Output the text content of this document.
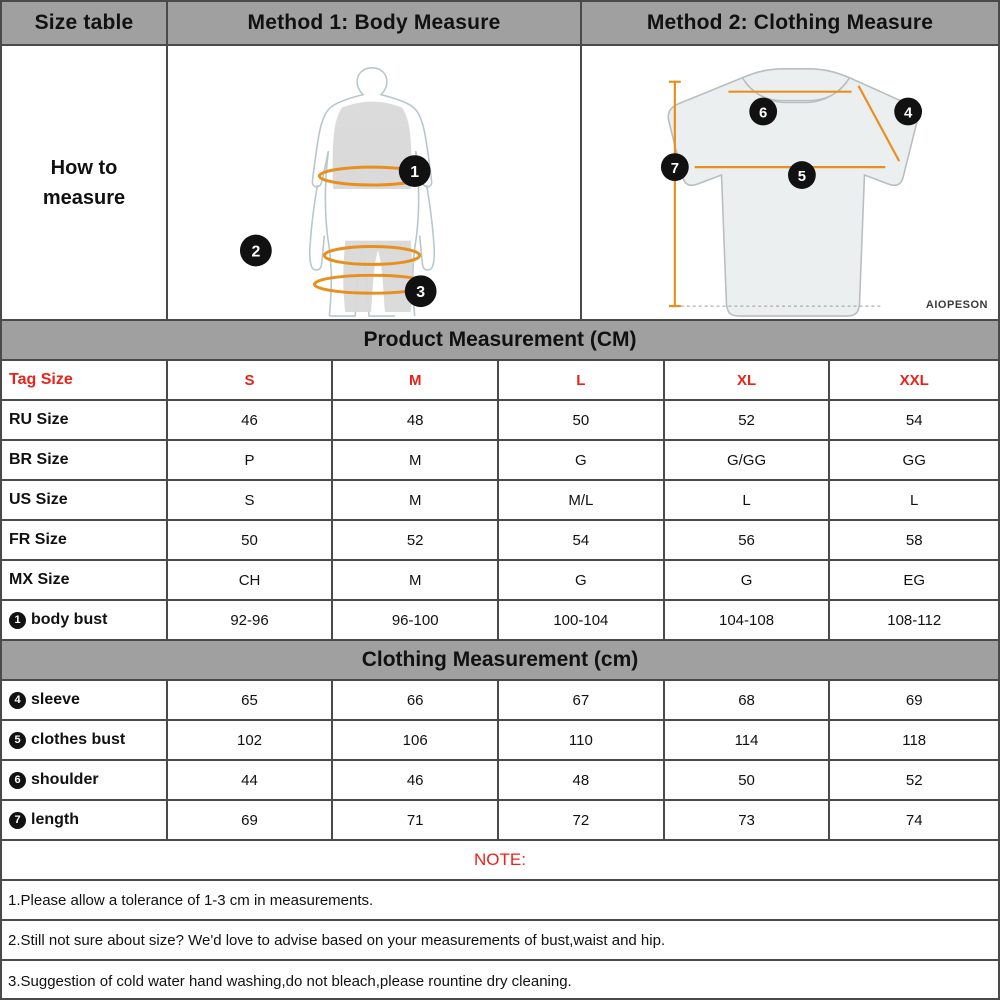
Size table	Method 1: Body Measure	Method 2: Clothing Measure
How to
measure
1
2
3
6	4
5
7
AIOPESON
Product Measurement (CM)
Tag Size	S	M	L	XL	XXL
RU Size	46	48	50	52	54
BR Size	P	M	G	G/GG	GG
US Size	S	M	M/L	L	L
FR Size	50	52	54	56	58
MX Size	CH	M	G	G	EG
1 body bust	92-96	96-100	100-104	104-108	108-112
Clothing Measurement (cm)
4 sleeve	65	66	67	68	69
5 clothes bust	102	106	110	114	118
6 shoulder	44	46	48	50	52
7 length	69	71	72	73	74
NOTE:
1.Please allow a tolerance of 1-3 cm in measurements.
2.Still not sure about size? We'd love to advise based on your measurements of bust,waist and hip.
3.Suggestion of cold water hand washing,do not bleach,please rountine dry cleaning.
